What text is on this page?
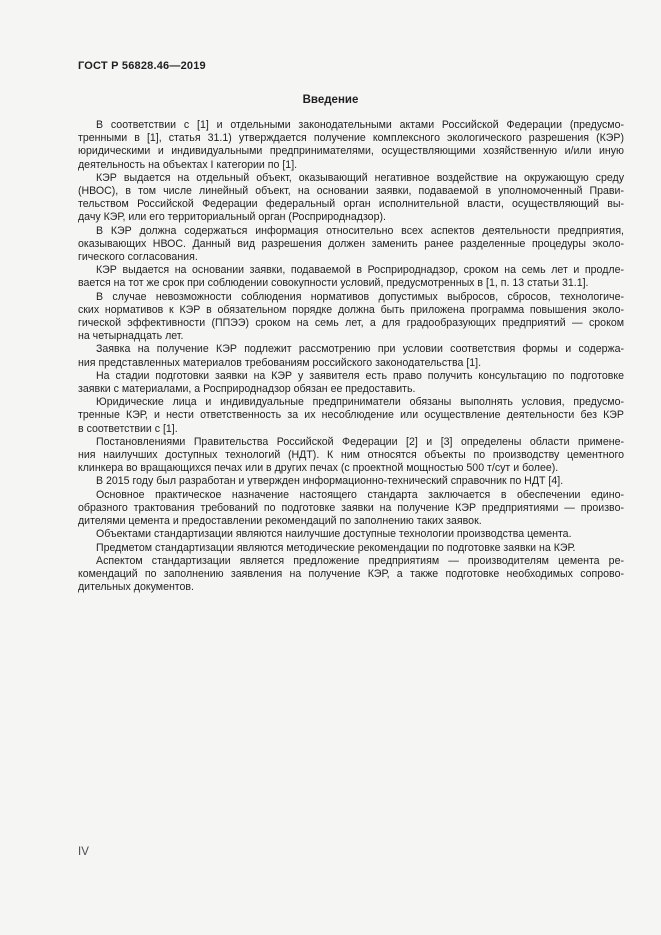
ГОСТ Р 56828.46—2019
Введение
В соответствии с [1] и отдельными законодательными актами Российской Федерации (предусмо-
тренными в [1], статья 31.1) утверждается получение комплексного экологического разрешения (КЭР)
юридическими и индивидуальными предпринимателями, осуществляющими хозяйственную и/или иную
деятельность на объектах I категории по [1].
КЭР выдается на отдельный объект, оказывающий негативное воздействие на окружающую среду
(НВОС), в том числе линейный объект, на основании заявки, подаваемой в уполномоченный Прави-
тельством Российской Федерации федеральный орган исполнительной власти, осуществляющий вы-
дачу КЭР, или его территориальный орган (Росприроднадзор).
В КЭР должна содержаться информация относительно всех аспектов деятельности предприятия,
оказывающих НВОС. Данный вид разрешения должен заменить ранее разделенные процедуры эколо-
гического согласования.
КЭР выдается на основании заявки, подаваемой в Росприроднадзор, сроком на семь лет и продле-
вается на тот же срок при соблюдении совокупности условий, предусмотренных в [1, п. 13 статьи 31.1].
В случае невозможности соблюдения нормативов допустимых выбросов, сбросов, технологиче-
ских нормативов к КЭР в обязательном порядке должна быть приложена программа повышения эколо-
гической эффективности (ППЭЭ) сроком на семь лет, а для градообразующих предприятий — сроком
на четырнадцать лет.
Заявка на получение КЭР подлежит рассмотрению при условии соответствия формы и содержа-
ния представленных материалов требованиям российского законодательства [1].
На стадии подготовки заявки на КЭР у заявителя есть право получить консультацию по подготовке
заявки с материалами, а Росприроднадзор обязан ее предоставить.
Юридические лица и индивидуальные предприниматели обязаны выполнять условия, предусмо-
тренные КЭР, и нести ответственность за их несоблюдение или осуществление деятельности без КЭР
в соответствии с [1].
Постановлениями Правительства Российской Федерации [2] и [3] определены области примене-
ния наилучших доступных технологий (НДТ). К ним относятся объекты по производству цементного
клинкера во вращающихся печах или в других печах (с проектной мощностью 500 т/сут и более).
В 2015 году был разработан и утвержден информационно-технический справочник по НДТ [4].
Основное практическое назначение настоящего стандарта заключается в обеспечении едино-
образного трактования требований по подготовке заявки на получение КЭР предприятиями — произво-
дителями цемента и предоставлении рекомендаций по заполнению таких заявок.
Объектами стандартизации являются наилучшие доступные технологии производства цемента.
Предметом стандартизации являются методические рекомендации по подготовке заявки на КЭР.
Аспектом стандартизации является предложение предприятиям — производителям цемента ре-
комендаций по заполнению заявления на получение КЭР, а также подготовке необходимых сопрово-
дительных документов.
IV
